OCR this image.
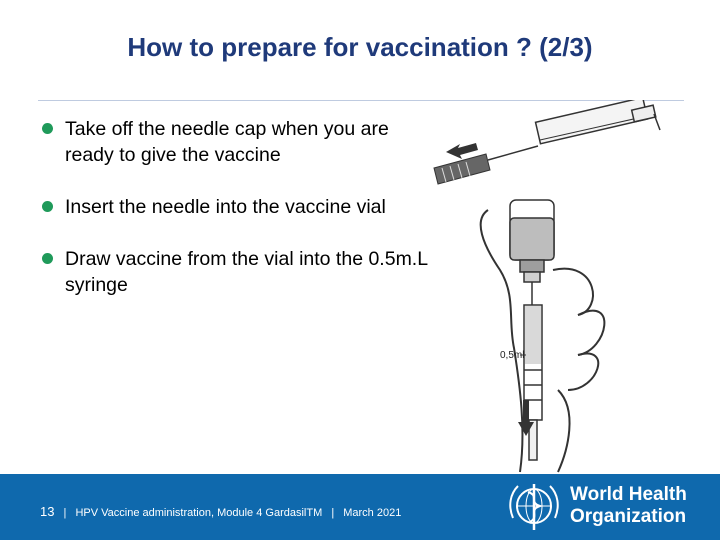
How to prepare for vaccination ? (2/3)
Take off the needle cap when you are ready to give the vaccine
Insert the needle into the vaccine vial
Draw vaccine from the vial into the 0.5m.L syringe
0,5ml
13 | HPV Vaccine administration, Module 4 GardasilTM | March 2021
World Health
Organization
